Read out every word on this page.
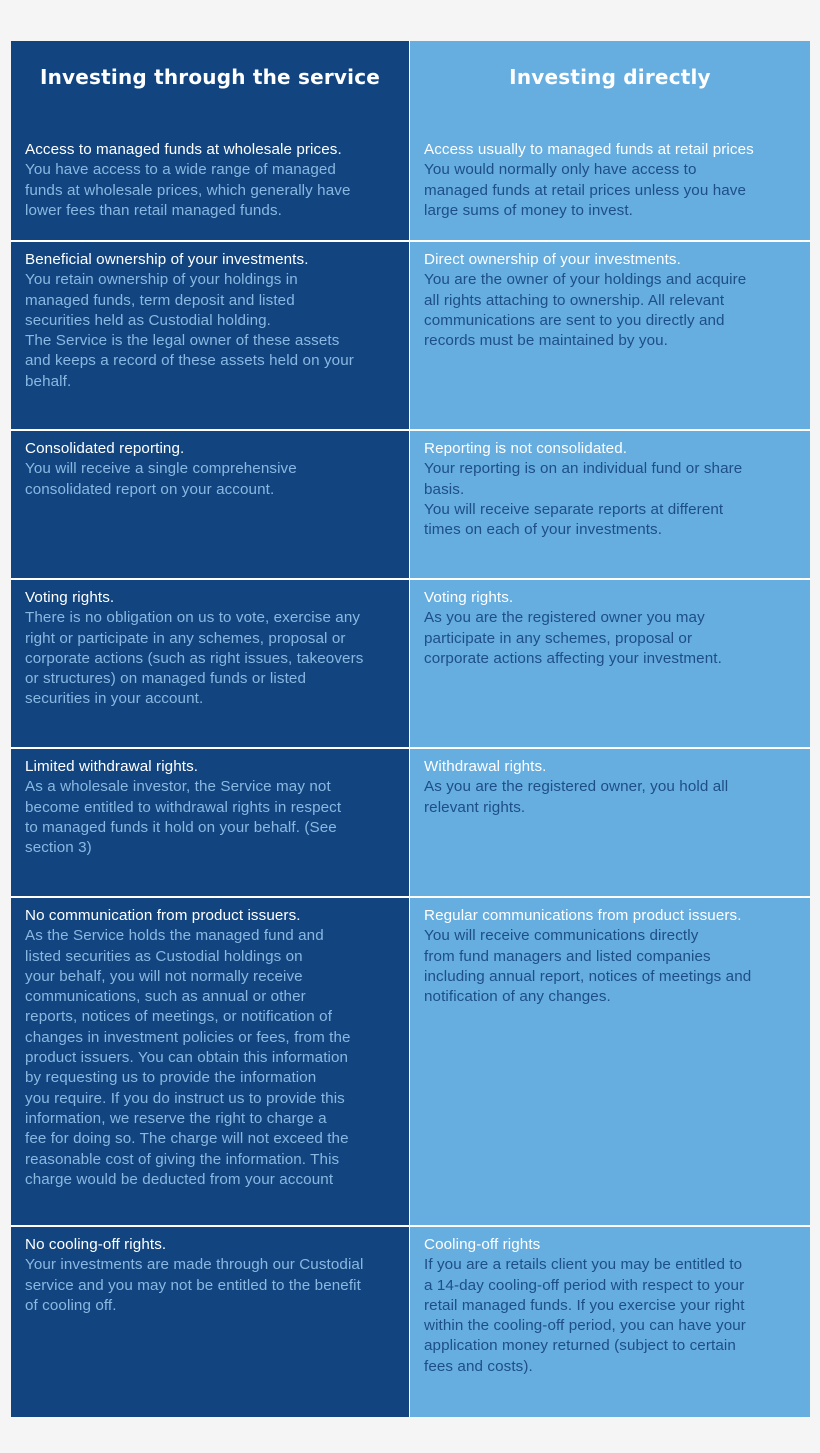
Investing through the service	Investing directly
Access to managed funds at wholesale prices.
You have access to a wide range of managed
funds at wholesale prices, which generally have
lower fees than retail managed funds.
Access usually to managed funds at retail prices
You would normally only have access to
managed funds at retail prices unless you have
large sums of money to invest.
Beneficial ownership of your investments.
You retain ownership of your holdings in
managed funds, term deposit and listed
securities held as Custodial holding.
The Service is the legal owner of these assets
and keeps a record of these assets held on your
behalf.
Direct ownership of your investments.
You are the owner of your holdings and acquire
all rights attaching to ownership. All relevant
communications are sent to you directly and
records must be maintained by you.
Consolidated reporting.
You will receive a single comprehensive
consolidated report on your account.
Reporting is not consolidated.
Your reporting is on an individual fund or share
basis.
You will receive separate reports at different
times on each of your investments.
Voting rights.
There is no obligation on us to vote, exercise any
right or participate in any schemes, proposal or
corporate actions (such as right issues, takeovers
or structures) on managed funds or listed
securities in your account.
Voting rights.
As you are the registered owner you may
participate in any schemes, proposal or
corporate actions affecting your investment.
Limited withdrawal rights.
As a wholesale investor, the Service may not
become entitled to withdrawal rights in respect
to managed funds it hold on your behalf. (See
section 3)
Withdrawal rights.
As you are the registered owner, you hold all
relevant rights.
No communication from product issuers.
As the Service holds the managed fund and
listed securities as Custodial holdings on
your behalf, you will not normally receive
communications, such as annual or other
reports, notices of meetings, or notification of
changes in investment policies or fees, from the
product issuers. You can obtain this information
by requesting us to provide the information
you require. If you do instruct us to provide this
information, we reserve the right to charge a
fee for doing so. The charge will not exceed the
reasonable cost of giving the information. This
charge would be deducted from your account
Regular communications from product issuers.
You will receive communications directly
from fund managers and listed companies
including annual report, notices of meetings and
notification of any changes.
No cooling-off rights.
Your investments are made through our Custodial
service and you may not be entitled to the benefit
of cooling off.
Cooling-off rights
If you are a retails client you may be entitled to
a 14-day cooling-off period with respect to your
retail managed funds. If you exercise your right
within the cooling-off period, you can have your
application money returned (subject to certain
fees and costs).
